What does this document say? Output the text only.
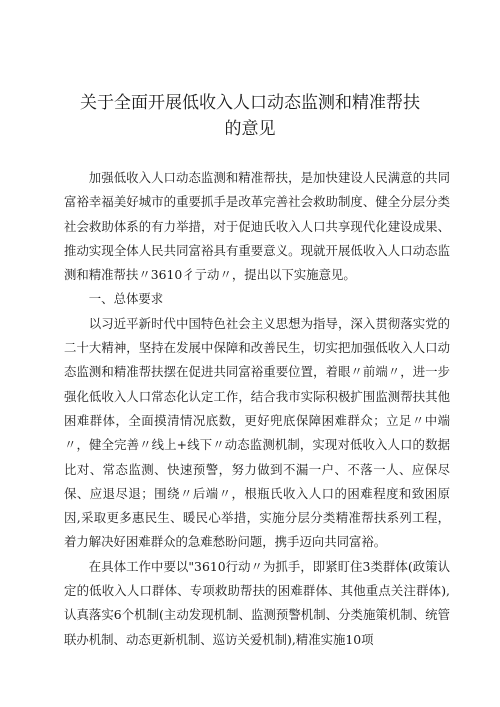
关于全面开展低收入人口动态监测和精准帮扶
的意见

加强低收入人口动态监测和精准帮扶，是加快建设人民满意的共同富裕幸福美好城市的重要抓手是改革完善社会救助制度、健全分层分类社会救助体系的有力举措，对于促迪氏收入人口共享现代化建设成果、推动实现全体人民共同富裕具有重要意义。现就开展低收入人口动态监测和精准帮扶〃3610彳亍动〃，提出以下实施意见。

一、总体要求

以习近平新时代中国特色社会主义思想为指导，深入贯彻落实党的二十大精神，坚持在发展中保障和改善民生，切实把加强低收入人口动态监测和精准帮扶摆在促进共同富裕重要位置，着眼〃前端〃，进一步强化低收入人口常态化认定工作，结合我市实际积极扩围监测帮扶其他困难群体，全面摸清情况底数，更好兜底保障困难群众；立足〃中端〃，健全完善〃线上+线下〃动态监测机制，实现对低收入人口的数据比对、常态监测、快速预警，努力做到不漏一户、不落一人、应保尽保、应退尽退；围绕〃后端〃，根瓶氏收入人口的困难程度和致困原因,采取更多惠民生、暖民心举措，实施分层分类精准帮扶系列工程，着力解决好困难群众的急难愁盼问题，携手迈向共同富裕。

在具体工作中要以"3610行动〃为抓手，即紧盯住3类群体(政策认定的低收入人口群体、专项救助帮扶的困难群体、其他重点关注群体),认真落实6个机制(主动发现机制、监测预警机制、分类施策机制、统管联办机制、动态更新机制、巡访关爱机制),精准实施10项
